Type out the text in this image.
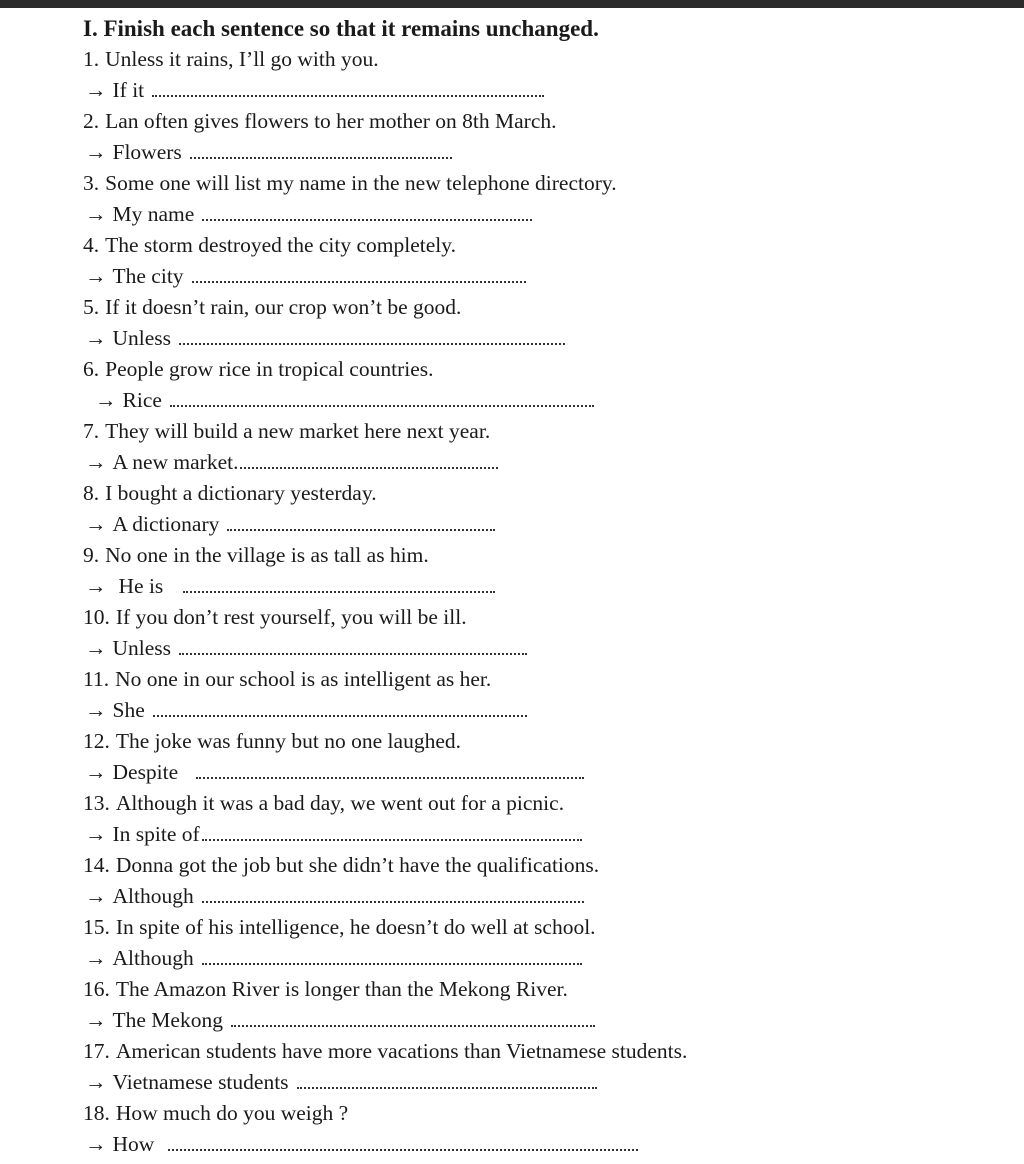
I. Finish each sentence so that it remains unchanged.
1. Unless it rains, I’ll go with you.
→ If it
2. Lan often gives flowers to her mother on 8th March.
→ Flowers
3. Some one will list my name in the new telephone directory.
→ My name
4. The storm destroyed the city completely.
→ The city
5. If it doesn’t rain, our crop won’t be good.
→ Unless
6. People grow rice in tropical countries.
→ Rice
7. They will build a new market here next year.
→ A new market.
8. I bought a dictionary yesterday.
→ A dictionary
9. No one in the village is as tall as him.
→ He is
10. If you don’t rest yourself, you will be ill.
→ Unless
11. No one in our school is as intelligent as her.
→ She
12. The joke was funny but no one laughed.
→ Despite
13. Although it was a bad day, we went out for a picnic.
→ In spite of
14. Donna got the job but she didn’t have the qualifications.
→ Although
15. In spite of his intelligence, he doesn’t do well at school.
→ Although
16. The Amazon River is longer than the Mekong River.
→ The Mekong
17. American students have more vacations than Vietnamese students.
→ Vietnamese students
18. How much do you weigh ?
→ How
